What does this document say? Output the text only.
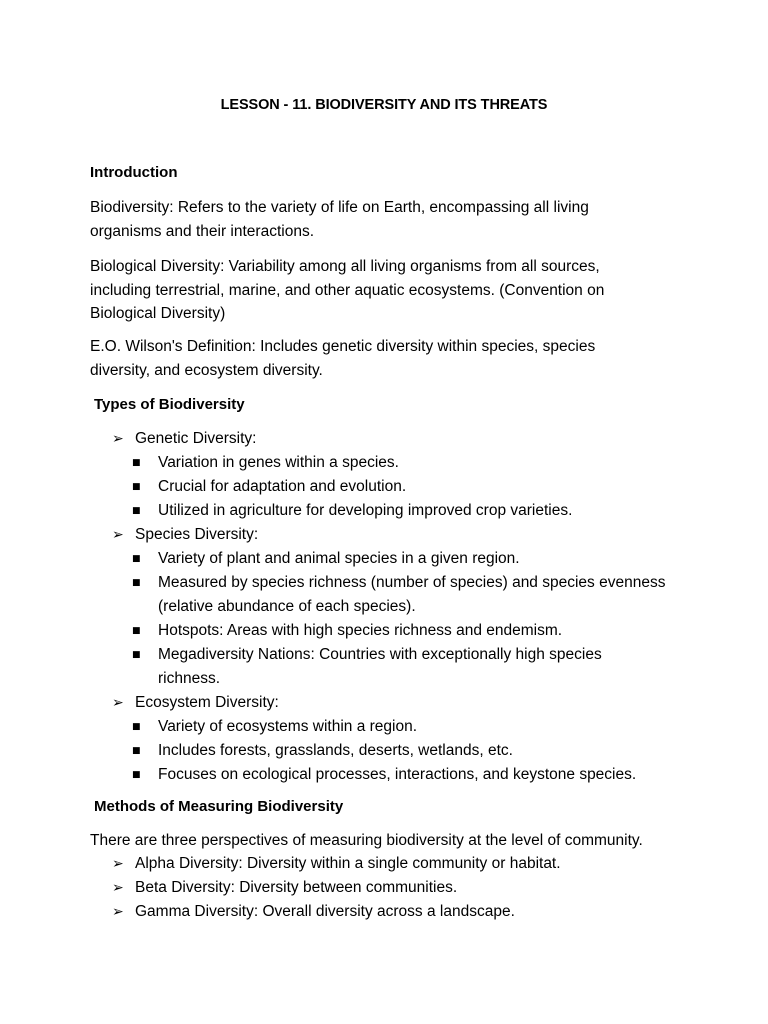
LESSON - 11. BIODIVERSITY AND ITS THREATS
Introduction
Biodiversity: Refers to the variety of life on Earth, encompassing all living
organisms and their interactions.
Biological Diversity: Variability among all living organisms from all sources,
including terrestrial, marine, and other aquatic ecosystems. (Convention on
Biological Diversity)
E.O. Wilson's Definition: Includes genetic diversity within species, species
diversity, and ecosystem diversity.
Types of Biodiversity
➢ Genetic Diversity:
■ Variation in genes within a species.
■ Crucial for adaptation and evolution.
■ Utilized in agriculture for developing improved crop varieties.
➢ Species Diversity:
■ Variety of plant and animal species in a given region.
■ Measured by species richness (number of species) and species evenness
(relative abundance of each species).
■ Hotspots: Areas with high species richness and endemism.
■ Megadiversity Nations: Countries with exceptionally high species
richness.
➢ Ecosystem Diversity:
■ Variety of ecosystems within a region.
■ Includes forests, grasslands, deserts, wetlands, etc.
■ Focuses on ecological processes, interactions, and keystone species.
Methods of Measuring Biodiversity
There are three perspectives of measuring biodiversity at the level of community.
➢ Alpha Diversity: Diversity within a single community or habitat.
➢ Beta Diversity: Diversity between communities.
➢ Gamma Diversity: Overall diversity across a landscape.
